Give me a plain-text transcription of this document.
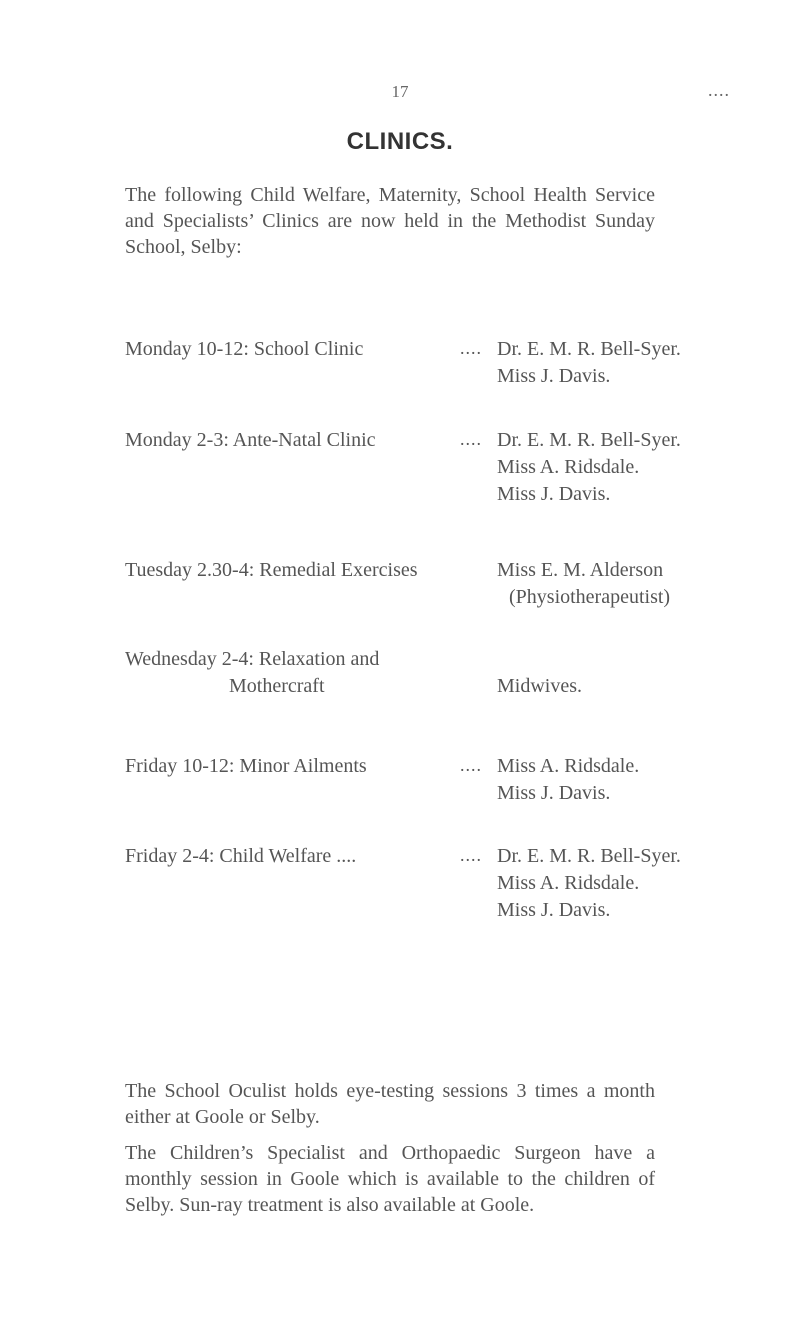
17	....
CLINICS.
The following Child Welfare, Maternity, School Health Service and Specialists’ Clinics are now held in the Methodist Sunday School, Selby:
Monday 10-12: School Clinic	.... Dr. E. M. R. Bell-Syer.
Miss J. Davis.
Monday 2-3: Ante-Natal Clinic	.... Dr. E. M. R. Bell-Syer.
Miss A. Ridsdale.
Miss J. Davis.
Tuesday 2.30-4: Remedial Exercises	Miss E. M. Alderson
(Physiotherapeutist)
Wednesday 2-4: Relaxation and
Mothercraft	Midwives.
Friday 10-12: Minor Ailments	.... Miss A. Ridsdale.
Miss J. Davis.
Friday 2-4: Child Welfare ....	.... Dr. E. M. R. Bell-Syer.
Miss A. Ridsdale.
Miss J. Davis.
The School Oculist holds eye-testing sessions 3 times a month either at Goole or Selby.
The Children’s Specialist and Orthopaedic Surgeon have a monthly session in Goole which is available to the children of Selby. Sun-ray treatment is also available at Goole.
